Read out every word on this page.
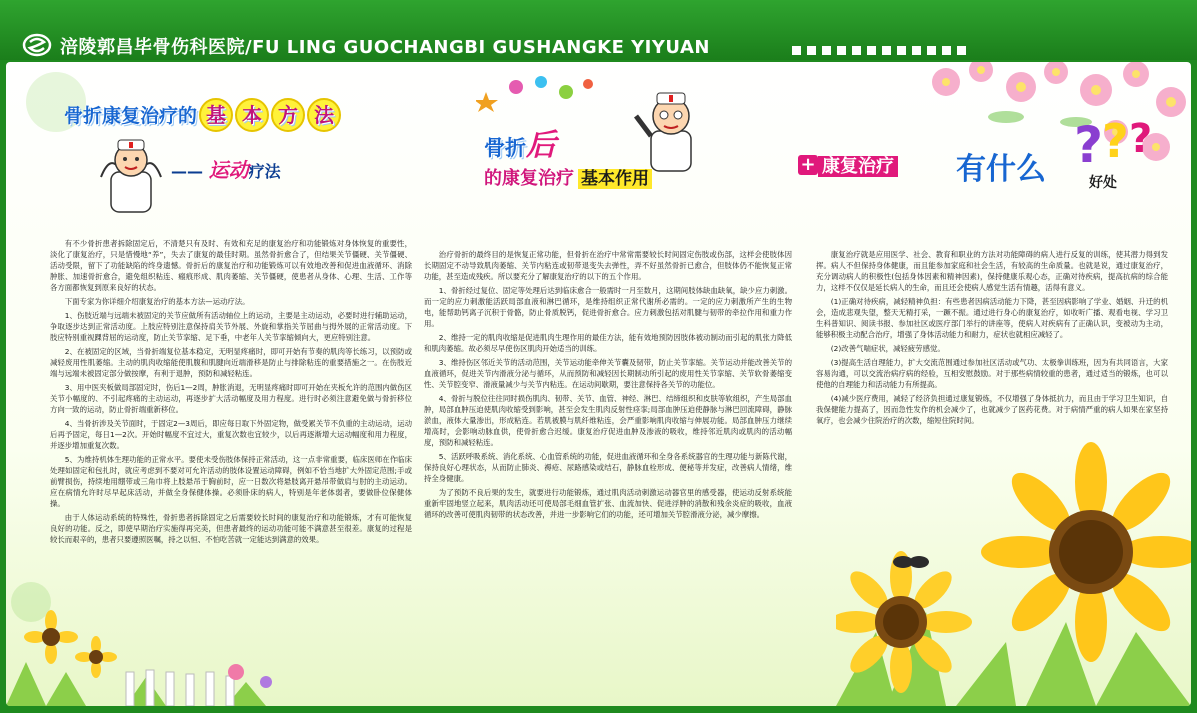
涪陵郭昌毕骨伤科医院/FU LING GUOCHANGBI GUSHANGKE YIYUAN
骨折康复治疗的 基 本 方 法
—— 运动疗法
骨折后
的康复治疗 基本作用
+ 康复治疗 有什么	好处
?
? ?

有不少骨折患者拆除固定后，不清楚只有及时、有效和充足的康复治疗和功能锻炼对身体恢复的重要性，淡化了康复治疗，只是惜慢地“养”，失去了康复的最佳时期。虽然骨折愈合了，但结果关节僵硬、关节僵硬、活动受限，留下了功能缺陷的终身遗憾。骨折后的康复治疗和功能锻炼可以有效地改善和促进血液循环、消除肿胀、加速骨折愈合，避免组织粘连、瘢痕形成、肌肉萎缩、关节僵硬，使患者从身体、心理、生活、工作等各方面都恢复到原来良好的状态。

下面专家为你详细介绍康复治疗的基本方法—运动疗法。

1、伤肢近端与远端未被固定的关节应做所有活动轴位上的运动，主要是主动运动，必要时进行辅助运动，争取逐步达到正常活动度。上肢应特别注意保持肩关节外展、外旋和掌指关节屈曲与拇外展的正常活动度。下肢应特别重视踝背屈的运动度，防止关节挛缩、足下垂，中老年人关节挛缩倾向大，更应特别注意。

2、在被固定的区域，当骨折端复位基本稳定，无明显疼痛时，即可开始有节奏的肌肉等长练习，以预防或减轻废用性肌萎缩。主动的肌肉收缩能使肌腹和肌腱向近端滑移是防止与排除粘连的重要措施之一。在伤肢近端与远端未被固定部分做按摩，有利于退肿，预防和减轻粘连。

3、用中医夹板做局部固定时，伤后1—2周，肿胀消退，无明显疼痛时即可开始在夹板允许的范围内做伤区关节小幅度的、不引起疼痛的主动运动，再逐步扩大活动幅度及用力程度。进行时必须注意避免做与骨折移位方向一致的运动，防止骨折端重新移位。

4、当骨折涉及关节面时，于固定2—3周后，即应每日取下外固定物，做受累关节不负重的主动运动，运动后再予固定，每日1—2次。开始时幅度不宜过大，重复次数也宜较少，以后再逐渐增大运动幅度和用力程度，并逐步增加重复次数。

5、为维持机体生理功能的正常水平。要使未受伤肢体保持正常活动，这一点非常重要，临床医师在作临床处理如固定和包扎时，就应考虑到不要对可允许活动的肢体设置运动障碍，例如不恰当地扩大外固定范围;手或前臂损伤，持续地用绷带或三角巾将上肢悬吊于胸前时，应一日数次将悬肢离开悬吊带做肩与肘的主动运动。应在病情允许时尽早起床活动，并做全身保健体操。必须卧床的病人，特别是年老体弱者，要做卧位保健体操。

由于人体运动系统的特殊性，骨折患者拆除固定之后需要较长时间的康复治疗和功能锻炼，才有可能恢复良好的功能。反之，即使早期治疗实施得再完美，但患者最终的运动功能可能不满意甚至很差。康复的过程是较长而艰辛的，患者只要遵照医嘱，持之以恒、不怕吃苦就一定能达到满意的效果。

治疗骨折的最终目的是恢复正常功能，但骨折在治疗中常常需要较长时间固定伤肢或伤部，这样会使肢体因长期固定不动导致肌肉萎缩、关节内粘连或韧带退变失去弹性，弄不好虽然骨折已愈合，但肢体仍不能恢复正常功能，甚至造成残疾。所以要充分了解康复治疗的以下的五个作用。

1、骨折经过复位、固定等处理后达到临床愈合一般需时一月至数月，这期间肢体缺血缺氧，缺少应力刺激。而一定的应力刺激能活跃局部血液和淋巴循环，是维持组织正常代谢所必需的。一定的应力刺激所产生的生物电，能帮助钙离子沉积于骨骼，防止骨质脱钙，促进骨折愈合。应力刺激包括对肌腱与韧带的牵拉作用和重力作用。

2、维持一定的肌肉收缩是促进肌肉生理作用的最佳方法，能有效地预防因肢体被动制动而引起的肌张力降低和肌肉萎缩。故必须尽早使伤区肌肉开始适当的训练。

3、维持伤区邻近关节的活动范围，关节运动能牵伸关节囊及韧带，防止关节挛缩。关节运动并能改善关节的血液循环，促进关节内滑液分泌与循环，从而预防和减轻因长期制动所引起的废用性关节挛缩、关节软骨萎缩变性、关节腔变窄、滑液量减少与关节内粘连。在运动间歇期，要注意保持各关节的功能位。

4、骨折与脱位往往同时损伤肌肉、韧带、关节、血管、神经、淋巴、结缔组织和皮肤等软组织，产生局部血肿，局部血肿压迫使肌肉收缩受到影响，甚至会发生肌肉反射性痉挛;局部血肿压迫使静脉与淋巴回流障碍，静脉淤血，液体大量渗出，形成粘连。若肌被膜与肌纤维粘连，会严重影响肌肉收缩与伸展功能。局部血肿压力继续增高时，会影响动脉血供，使骨折愈合迟缓。康复治疗促进血肿及渗液的吸收，维持邻近肌肉或肌肉的活动幅度，预防和减轻粘连。

5、活跃呼吸系统、消化系统、心血管系统的功能，促进血液循环和全身各系统器官的生理功能与新陈代谢，保持良好心理状态，从而防止肺炎、褥疮、尿路感染或结石，静脉血栓形成、便秘等并发症，改善病人情绪，维持全身健康。

为了预防不良后果的发生，就要进行功能锻炼，通过肌肉活动刺激运动器官里的感受器，使运动反射系统能重新牢固地竖立起来，肌肉活动还可使局部毛细血管扩张、血流加快、促进浮肿的消散和残余炎症的吸收，血液循环的改善可使肌肉韧带的状态改善，并进一步影响它们的功能，还可增加关节腔滑液分泌，减少摩擦。

康复治疗就是应用医学、社会、教育和职业的方法对功能障碍的病人进行反复的训练，使其潜力得到发挥。病人不但保持身体健康，而且能参加家庭和社会生活，有较高的生命质量。也就是说，通过康复治疗，充分调动病人的积极性(包括身体因素和精神因素)，保持健康乐观心态，正确对待疾病，提高抗病的综合能力，这样不仅仅是延长病人的生命，而且还会使病人感觉生活有情趣，活得有意义。

(1)正确对待疾病，减轻精神负担：有些患者因病活动能力下降，甚至因病影响了学业、婚姻、升迁的机会，造成悲观失望，整天无精打采，一蹶不振。通过进行身心的康复治疗，如收听广播、观看电视、学习卫生科普知识、阅读书报、参加社区或医疗部门举行的讲座等，使病人对疾病有了正确认识，变被动为主动，能够积极主动配合治疗，增强了身体活动能力和耐力，症状也就相应减轻了。

(2)改善气喘症状，减轻疲劳感觉。

(3)提高生活自理能力，扩大交流范围通过参加社区活动或气功、太极拳训练班，因为有共同语言，大家容易沟通，可以交流治病疗病的经验，互相安慰鼓励。对于那些病情较重的患者，通过适当的锻炼，也可以使他的自理能力和活动能力有所提高。

(4)减少医疗费用，减轻了经济负担通过康复锻炼，不仅增强了身体抵抗力，而且由于学习卫生知识，自我保健能力提高了，因而急性发作的机会减少了，也就减少了医药花费。对于病情严重的病人如果在家坚持氧疗，也会减少住院治疗的次数，缩短住院时间。
